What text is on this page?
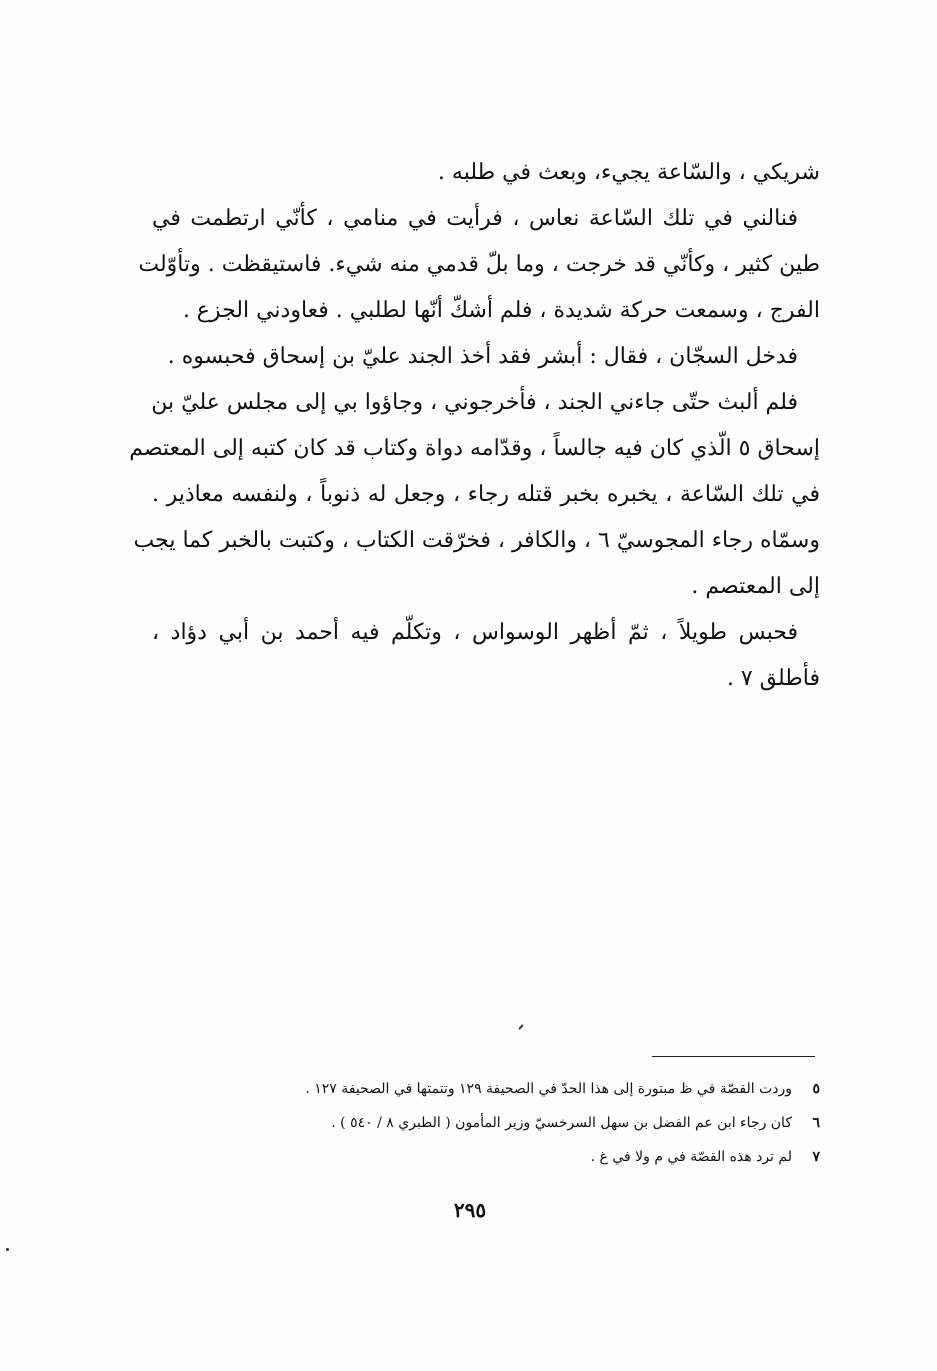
شريكي ، والسّاعة يجيء، وبعث في طلبه .
فنالني في تلك السّاعة نعاس ، فرأيت في منامي ، كأنّي ارتطمت في
طين كثير ، وكأنّي قد خرجت ، وما بلّ قدمي منه شيء. فاستيقظت . وتأوّلت
الفرج ، وسمعت حركة شديدة ، فلم أشكّ أنّها لطلبي . فعاودني الجزع .
فدخل السجّان ، فقال : أبشر فقد أخذ الجند عليّ بن إسحاق فحبسوه .
فلم ألبث حتّى جاءني الجند ، فأخرجوني ، وجاؤوا بي إلى مجلس عليّ بن
إسحاق ٥ الّذي كان فيه جالساً ، وقدّامه دواة وكتاب قد كان كتبه إلى المعتصم
في تلك السّاعة ، يخبره بخبر قتله رجاء ، وجعل له ذنوباً ، ولنفسه معاذير .
وسمّاه رجاء المجوسيّ ٦ ، والكافر ، فخرّقت الكتاب ، وكتبت بالخبر كما يجب
إلى المعتصم .
فحبس طويلاً ، ثمّ أظهر الوسواس ، وتكلّم فيه أحمد بن أبي دؤاد ،
فأطلق ٧ .
٥وردت القصّة في ظ مبتورة إلى هذا الحدّ في الصحيفة ١٢٩ وتتمتها في الصحيفة ١٢٧ .
٦كان رجاء ابن عم الفضل بن سهل السرخسيّ وزير المأمون ( الطبري ٨ / ٥٤٠ ) .
٧لم ترد هذه القصّة في م ولا في غ .
٢٩٥
